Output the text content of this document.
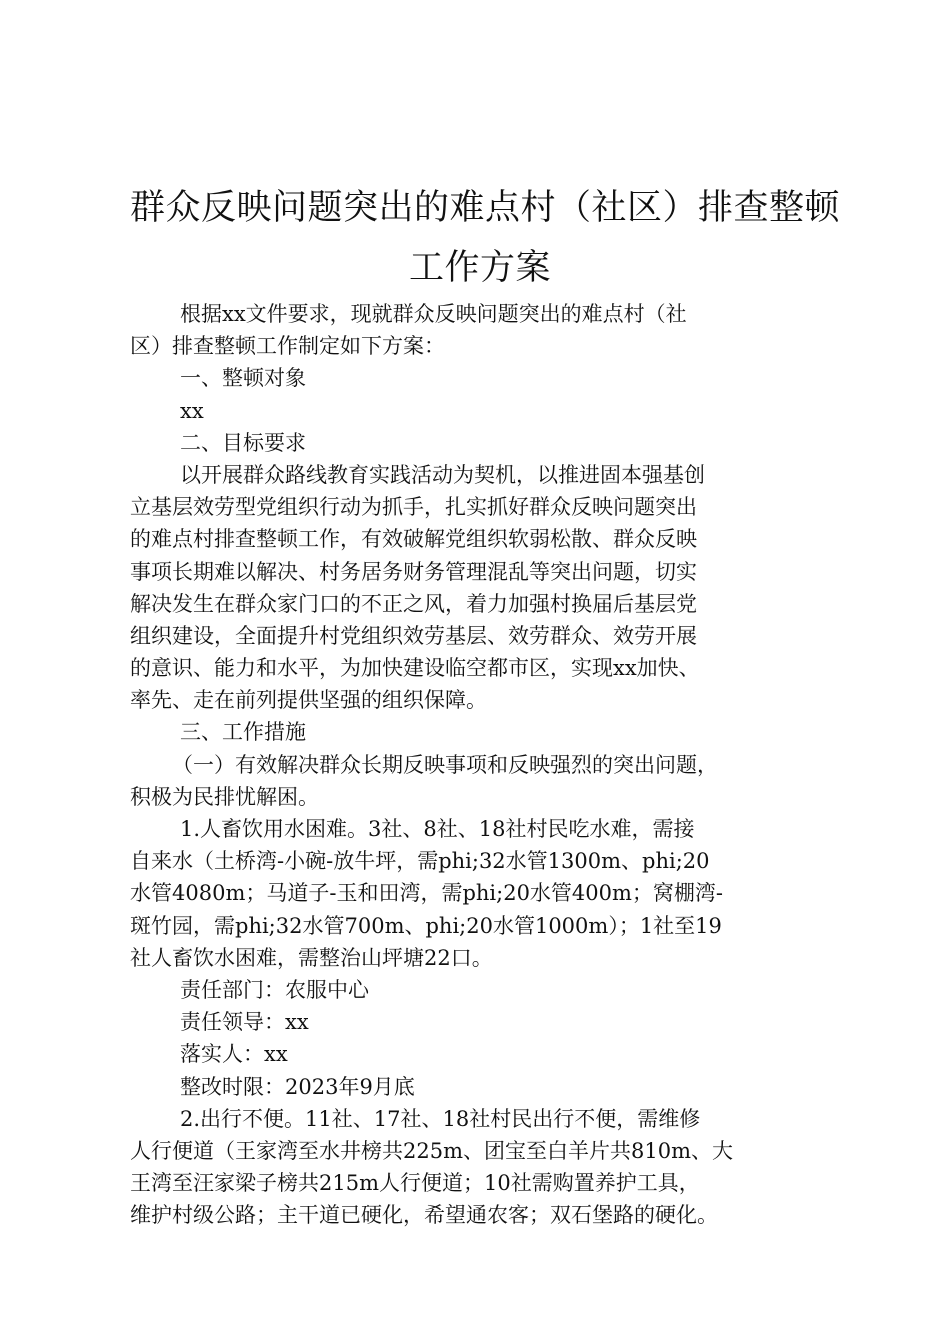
群众反映问题突出的难点村（社区）排查整顿
工作方案
根据xx文件要求，现就群众反映问题突出的难点村（社
区）排查整顿工作制定如下方案：
一、整顿对象
xx
二、目标要求
以开展群众路线教育实践活动为契机，以推进固本强基创
立基层效劳型党组织行动为抓手，扎实抓好群众反映问题突出
的难点村排查整顿工作，有效破解党组织软弱松散、群众反映
事项长期难以解决、村务居务财务管理混乱等突出问题，切实
解决发生在群众家门口的不正之风，着力加强村换届后基层党
组织建设，全面提升村党组织效劳基层、效劳群众、效劳开展
的意识、能力和水平，为加快建设临空都市区，实现xx加快、
率先、走在前列提供坚强的组织保障。
三、工作措施
（一）有效解决群众长期反映事项和反映强烈的突出问题，
积极为民排忧解困。
1.人畜饮用水困难。3社、8社、18社村民吃水难，需接
自来水（土桥湾-小碗-放牛坪，需phi;32水管1300m、phi;20
水管4080m；马道子-玉和田湾，需phi;20水管400m；窝棚湾-
斑竹园，需phi;32水管700m、phi;20水管1000m）；1社至19
社人畜饮水困难，需整治山坪塘22口。
责任部门：农服中心
责任领导：xx
落实人：xx
整改时限：2023年9月底
2.出行不便。11社、17社、18社村民出行不便，需维修
人行便道（王家湾至水井榜共225m、团宝至白羊片共810m、大
王湾至汪家梁子榜共215m人行便道；10社需购置养护工具，
维护村级公路；主干道已硬化，希望通农客；双石堡路的硬化。
